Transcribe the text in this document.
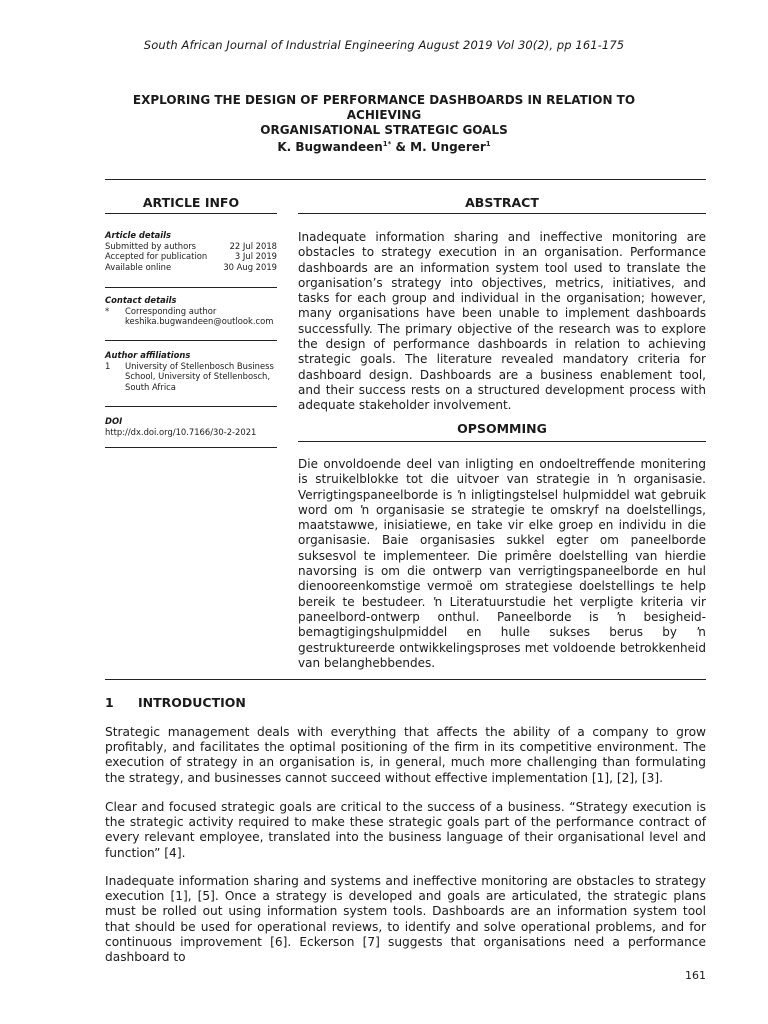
South African Journal of Industrial Engineering August 2019 Vol 30(2), pp 161-175
EXPLORING THE DESIGN OF PERFORMANCE DASHBOARDS IN RELATION TO ACHIEVING
ORGANISATIONAL STRATEGIC GOALS
K. Bugwandeen$^{1*}$ & M. Ungerer$^1$
ARTICLE INFO	ABSTRACT
Article details
Submitted by authors	22 Jul 2018
Accepted for publication	3 Jul 2019
Available online	30 Aug 2019
Contact details
*	Corresponding author
keshika.bugwandeen@outlook.com
Author affiliations
1	University of Stellenbosch Business
School, University of Stellenbosch,
South Africa
DOI
http://dx.doi.org/10.7166/30-2-2021

Inadequate information sharing and ineffective monitoring are obstacles to strategy execution in an organisation. Performance dashboards are an information system tool used to translate the organisation’s strategy into objectives, metrics, initiatives, and tasks for each group and individual in the organisation; however, many organisations have been unable to implement dashboards successfully. The primary objective of the research was to explore the design of performance dashboards in relation to achieving strategic goals. The literature revealed mandatory criteria for dashboard design. Dashboards are a business enablement tool, and their success rests on a structured development process with adequate stakeholder involvement.

OPSOMMING

Die onvoldoende deel van inligting en ondoeltreffende monitering is struikelblokke tot die uitvoer van strategie in ŉ organisasie. Verrigtingspaneelborde is ŉ inligtingstelsel hulpmiddel wat gebruik word om ŉ organisasie se strategie te omskryf na doelstellings, maatstawwe, inisiatiewe, en take vir elke groep en individu in die organisasie. Baie organisasies sukkel egter om paneelborde suksesvol te implementeer. Die primêre doelstelling van hierdie navorsing is om die ontwerp van verrigtingspaneelborde en hul dienooreenkomstige vermoë om strategiese doelstellings te help bereik te bestudeer. ŉ Literatuurstudie het verpligte kriteria vir paneelbord-ontwerp onthul. Paneelborde is ŉ besigheid-bemagtigingshulpmiddel en hulle sukses berus by ŉ gestruktureerde ontwikkelingsproses met voldoende betrokkenheid van belanghebbendes.

1 INTRODUCTION

Strategic management deals with everything that affects the ability of a company to grow profitably, and facilitates the optimal positioning of the firm in its competitive environment. The execution of strategy in an organisation is, in general, much more challenging than formulating the strategy, and businesses cannot succeed without effective implementation [1], [2], [3].

Clear and focused strategic goals are critical to the success of a business. “Strategy execution is the strategic activity required to make these strategic goals part of the performance contract of every relevant employee, translated into the business language of their organisational level and function” [4].

Inadequate information sharing and systems and ineffective monitoring are obstacles to strategy execution [1], [5]. Once a strategy is developed and goals are articulated, the strategic plans must be rolled out using information system tools. Dashboards are an information system tool that should be used for operational reviews, to identify and solve operational problems, and for continuous improvement [6]. Eckerson [7] suggests that organisations need a performance dashboard to

161
